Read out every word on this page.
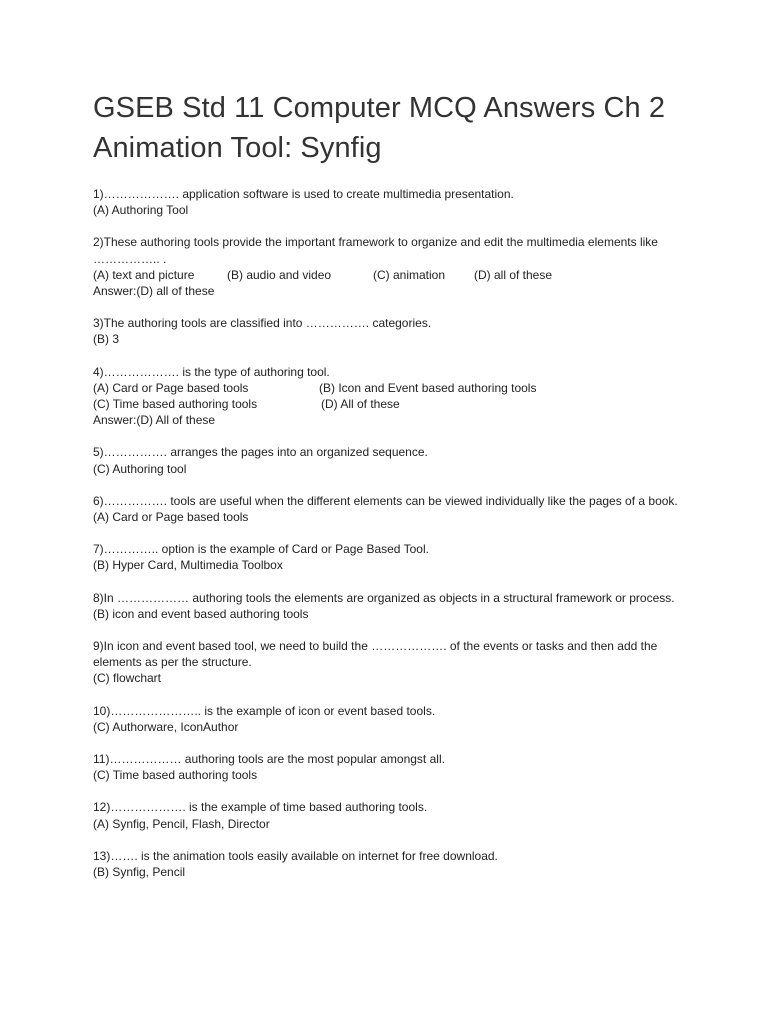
GSEB Std 11 Computer MCQ Answers Ch 2
Animation Tool: Synfig
1)………………. application software is used to create multimedia presentation.
(A) Authoring Tool
2)These authoring tools provide the important framework to organize and edit the multimedia elements like …………….. .
(A) text and picture	(B) audio and video	(C) animation (D) all of these
Answer:(D) all of these
3)The authoring tools are classified into ……………. categories.
(B) 3
4)………………. is the type of authoring tool.
(A) Card or Page based tools	(B) Icon and Event based authoring tools
(C) Time based authoring tools	(D) All of these
Answer:(D) All of these
5)……………. arranges the pages into an organized sequence.
(C) Authoring tool
6)……………. tools are useful when the different elements can be viewed individually like the pages of a book.
(A) Card or Page based tools
7)………….. option is the example of Card or Page Based Tool.
(B) Hyper Card, Multimedia Toolbox
8)In ……………… authoring tools the elements are organized as objects in a structural framework or process.
(B) icon and event based authoring tools
9)In icon and event based tool, we need to build the ………………. of the events or tasks and then add the elements as per the structure.
(C) flowchart
10)………………….. is the example of icon or event based tools.
(C) Authorware, IconAuthor
11)……………… authoring tools are the most popular amongst all.
(C) Time based authoring tools
12)………………. is the example of time based authoring tools.
(A) Synfig, Pencil, Flash, Director
13)……. is the animation tools easily available on internet for free download.
(B) Synfig, Pencil
